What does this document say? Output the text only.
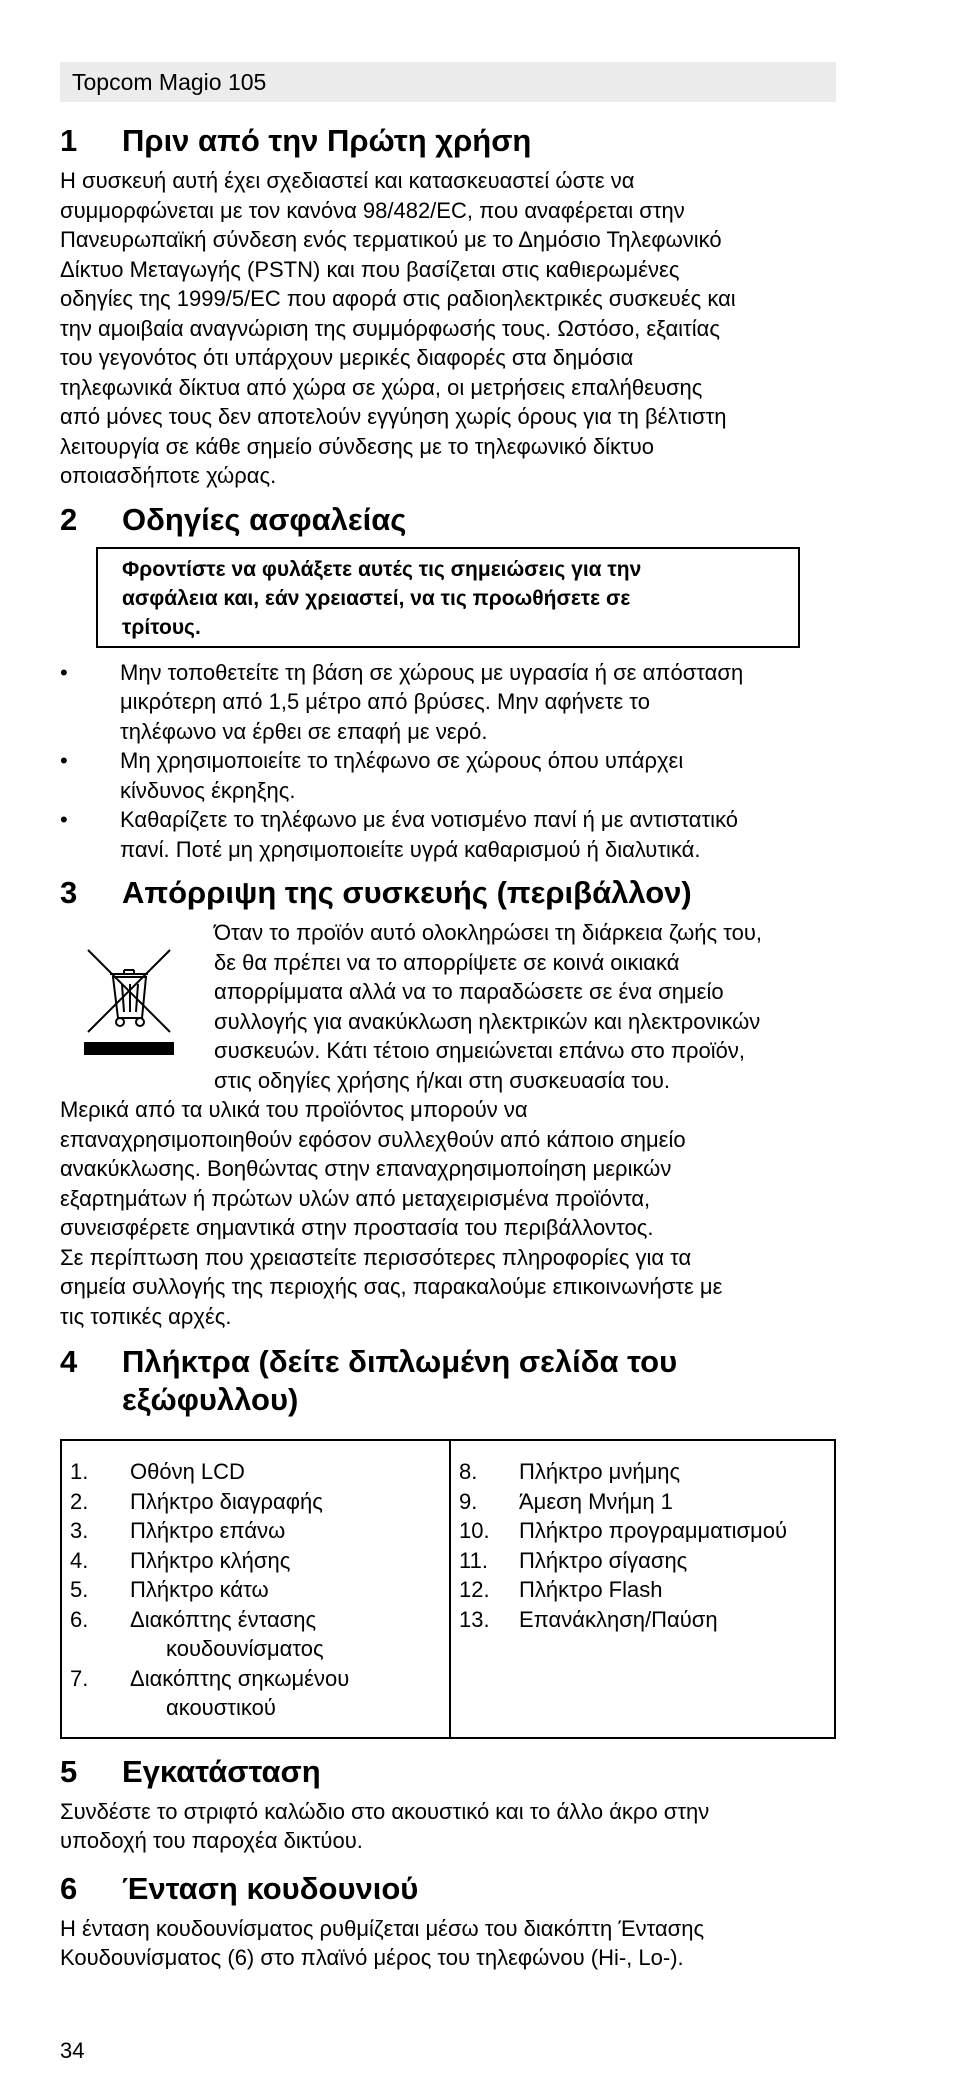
Topcom Magio 105
1	Πριν από την Πρώτη χρήση

Η συσκευή αυτή έχει σχεδιαστεί και κατασκευαστεί ώστε να

συμμορφώνεται με τον κανόνα 98/482/EC, που αναφέρεται στην

Πανευρωπαϊκή σύνδεση ενός τερματικού με το Δημόσιο Τηλεφωνικό

Δίκτυο Μεταγωγής (PSTN) και που βασίζεται στις καθιερωμένες

οδηγίες της 1999/5/EC που αφορά στις ραδιοηλεκτρικές συσκευές και

την αμοιβαία αναγνώριση της συμμόρφωσής τους. Ωστόσο, εξαιτίας

του γεγονότος ότι υπάρχουν μερικές διαφορές στα δημόσια

τηλεφωνικά δίκτυα από χώρα σε χώρα, οι μετρήσεις επαλήθευσης

από μόνες τους δεν αποτελούν εγγύηση χωρίς όρους για τη βέλτιστη

λειτουργία σε κάθε σημείο σύνδεσης με το τηλεφωνικό δίκτυο

οποιασδήποτε χώρας.

2	Οδηγίες ασφαλείας
Φροντίστε να φυλάξετε αυτές τις σημειώσεις για την
ασφάλεια και, εάν χρειαστεί, να τις προωθήσετε σε
τρίτους.
• Μην τοποθετείτε τη βάση σε χώρους με υγρασία ή σε απόσταση
μικρότερη από 1,5 μέτρο από βρύσες. Μην αφήνετε το
τηλέφωνο να έρθει σε επαφή με νερό.
• Μη χρησιμοποιείτε το τηλέφωνο σε χώρους όπου υπάρχει
κίνδυνος έκρηξης.
• Καθαρίζετε το τηλέφωνο με ένα νοτισμένο πανί ή με αντιστατικό
πανί. Ποτέ μη χρησιμοποιείτε υγρά καθαρισμού ή διαλυτικά.
3	Απόρριψη της συσκευής (περιβάλλον)

Όταν το προϊόν αυτό ολοκληρώσει τη διάρκεια ζωής του,

δε θα πρέπει να το απορρίψετε σε κοινά οικιακά

απορρίμματα αλλά να το παραδώσετε σε ένα σημείο

συλλογής για ανακύκλωση ηλεκτρικών και ηλεκτρονικών

συσκευών. Κάτι τέτοιο σημειώνεται επάνω στο προϊόν,

στις οδηγίες χρήσης ή/και στη συσκευασία του.

Μερικά από τα υλικά του προϊόντος μπορούν να

επαναχρησιμοποιηθούν εφόσον συλλεχθούν από κάποιο σημείο

ανακύκλωσης. Βοηθώντας στην επαναχρησιμοποίηση μερικών

εξαρτημάτων ή πρώτων υλών από μεταχειρισμένα προϊόντα,

συνεισφέρετε σημαντικά στην προστασία του περιβάλλοντος.

Σε περίπτωση που χρειαστείτε περισσότερες πληροφορίες για τα

σημεία συλλογής της περιοχής σας, παρακαλούμε επικοινωνήστε με

τις τοπικές αρχές.

4	Πλήκτρα (δείτε διπλωμένη σελίδα του
εξώφυλλου)
1.	Οθόνη LCD
2.	Πλήκτρο διαγραφής
3.	Πλήκτρο επάνω
4.	Πλήκτρο κλήσης
5.	Πλήκτρο κάτω
6.	Διακόπτης έντασης
κουδουνίσματος
7.	Διακόπτης σηκωμένου
ακουστικού
8.	Πλήκτρο μνήμης
9.	Άμεση Μνήμη 1
10.	Πλήκτρο προγραμματισμού
11.	Πλήκτρο σίγασης
12.	Πλήκτρο Flash
13.	Επανάκληση/Παύση
5	Εγκατάσταση

Συνδέστε το στριφτό καλώδιο στο ακουστικό και το άλλο άκρο στην

υποδοχή του παροχέα δικτύου.

6	Ένταση κουδουνιού

Η ένταση κουδουνίσματος ρυθμίζεται μέσω του διακόπτη Έντασης

Κουδουνίσματος (6) στο πλαϊνό μέρος του τηλεφώνου (Hi-, Lo-).

34
